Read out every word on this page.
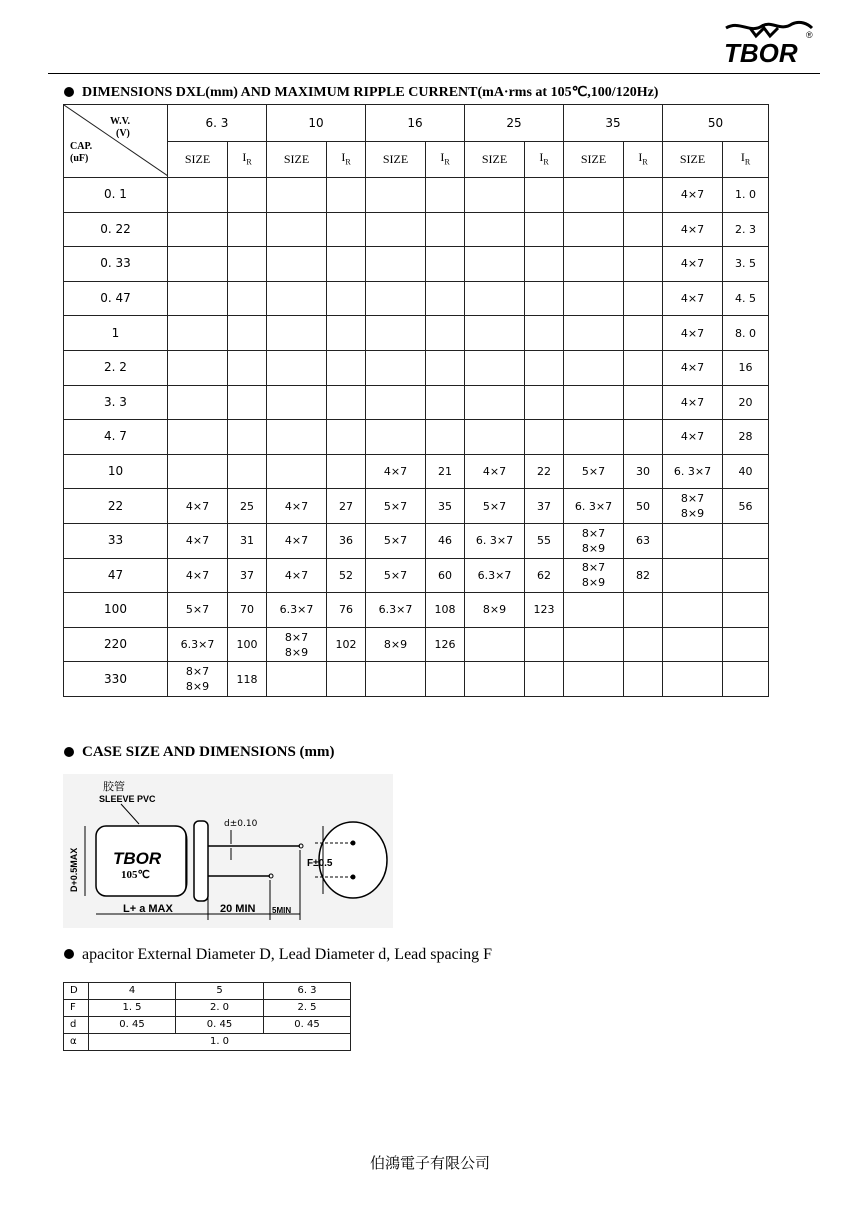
TBOR
®
DIMENSIONS DXL(mm) AND MAXIMUM RIPPLE CURRENT(mA·rms at 105℃,100/120Hz)
W.V.
(V)
CAP.
(uF)	6. 3		10		16		25		35		50	
	SIZE	$I_R$	SIZE	$I_R$	SIZE	$I_R$	SIZE	$I_R$	SIZE	$I_R$	SIZE	$I_R$
0. 1											4×7	1. 0
0. 22											4×7	2. 3
0. 33											4×7	3. 5
0. 47											4×7	4. 5
1											4×7	8. 0
2. 2											4×7	16
3. 3											4×7	20
4. 7											4×7	28
10					4×7	21	4×7	22	5×7	30	6. 3×7	40
22	4×7	25	4×7	27	5×7	35	5×7	37	6. 3×7	50	8×7
8×9	56
33	4×7	31	4×7	36	5×7	46	6. 3×7	55	8×7
8×9	63		
47	4×7	37	4×7	52	5×7	60	6.3×7	62	8×7
8×9	82		
100	5×7	70	6.3×7	76	6.3×7	108	8×9	123				
220	6.3×7	100	8×7
8×9	102	8×9	126						
330	8×7
8×9	118										
CASE SIZE AND DIMENSIONS (mm)
胶管
SLEEVE PVC
TBOR
105℃
d±0.10
D+0.5MAX
L+ a MAX	20 MIN 5MIN
F±0.5
apacitor External Diameter D, Lead Diameter d, Lead spacing F
D	4	5	6. 3
F	1. 5	2. 0	2. 5
d	0. 45	0. 45	0. 45
α	1. 0		
伯鴻電子有限公司
